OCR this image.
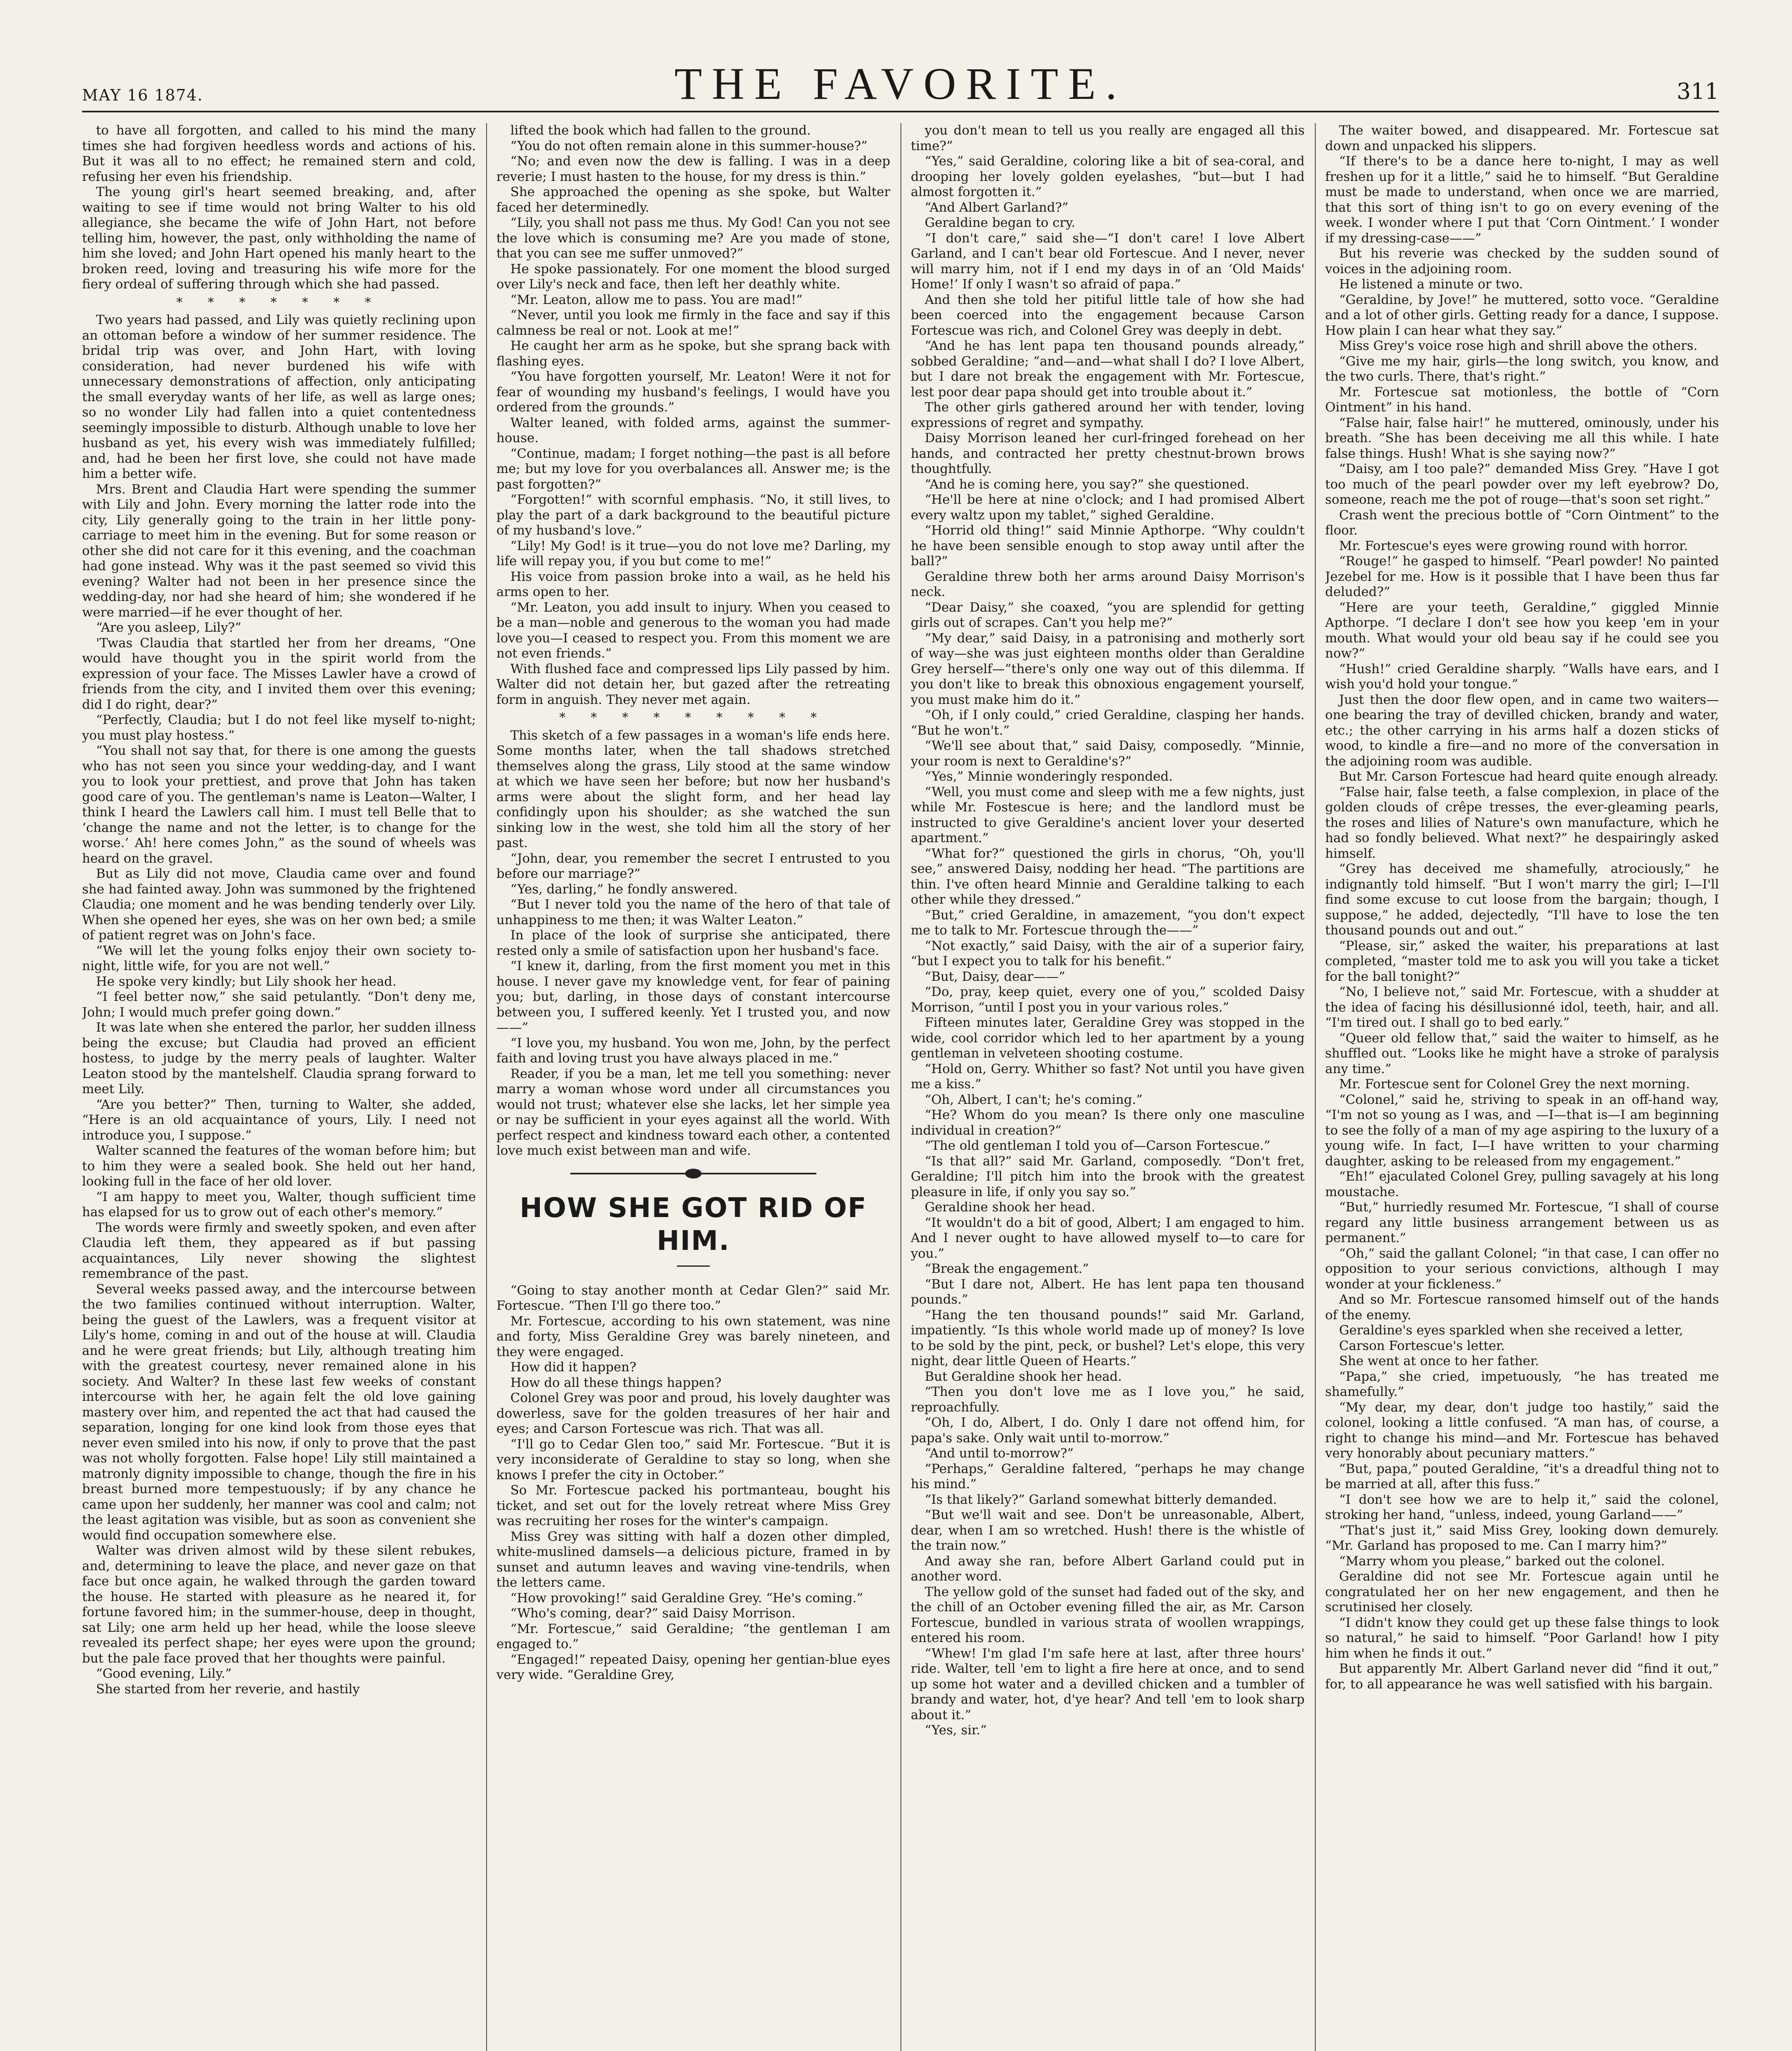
MAY 16 1874.	THE FAVORITE.	311

to have all forgotten, and called to his mind the many times she had forgiven heedless words and actions of his. But it was all to no effect; he remained stern and cold, refusing her even his friendship.

The young girl's heart seemed breaking, and, after waiting to see if time would not bring Walter to his old allegiance, she became the wife of John Hart, not before telling him, however, the past, only withholding the name of him she loved; and John Hart opened his manly heart to the broken reed, loving and treasuring his wife more for the fiery ordeal of suffering through which she had passed.

* * * * * * *

Two years had passed, and Lily was quietly reclining upon an ottoman before a window of her summer residence. The bridal trip was over, and John Hart, with loving consideration, had never burdened his wife with unnecessary demonstrations of affection, only anticipating the small everyday wants of her life, as well as large ones; so no wonder Lily had fallen into a quiet contentedness seemingly impossible to disturb. Although unable to love her husband as yet, his every wish was immediately fulfilled; and, had he been her first love, she could not have made him a better wife.

Mrs. Brent and Claudia Hart were spending the summer with Lily and John. Every morning the latter rode into the city, Lily generally going to the train in her little pony-carriage to meet him in the evening. But for some reason or other she did not care for it this evening, and the coachman had gone instead. Why was it the past seemed so vivid this evening? Walter had not been in her presence since the wedding-day, nor had she heard of him; she wondered if he were married—if he ever thought of her.

“Are you asleep, Lily?”

'Twas Claudia that startled her from her dreams, “One would have thought you in the spirit world from the expression of your face. The Misses Lawler have a crowd of friends from the city, and I invited them over this evening; did I do right, dear?”

“Perfectly, Claudia; but I do not feel like myself to-night; you must play hostess.”

“You shall not say that, for there is one among the guests who has not seen you since your wedding-day, and I want you to look your prettiest, and prove that John has taken good care of you. The gentleman's name is Leaton—Walter, I think I heard the Lawlers call him. I must tell Belle that to ‘change the name and not the letter, is to change for the worse.’ Ah! here comes John,” as the sound of wheels was heard on the gravel.

But as Lily did not move, Claudia came over and found she had fainted away. John was summoned by the frightened Claudia; one moment and he was bending tenderly over Lily. When she opened her eyes, she was on her own bed; a smile of patient regret was on John's face.

“We will let the young folks enjoy their own society to-night, little wife, for you are not well.”

He spoke very kindly; but Lily shook her head.

“I feel better now,” she said petulantly. “Don't deny me, John; I would much prefer going down.”

It was late when she entered the parlor, her sudden illness being the excuse; but Claudia had proved an efficient hostess, to judge by the merry peals of laughter. Walter Leaton stood by the mantelshelf. Claudia sprang forward to meet Lily.

“Are you better?” Then, turning to Walter, she added, “Here is an old acquaintance of yours, Lily. I need not introduce you, I suppose.”

Walter scanned the features of the woman before him; but to him they were a sealed book. She held out her hand, looking full in the face of her old lover.

“I am happy to meet you, Walter, though sufficient time has elapsed for us to grow out of each other's memory.”

The words were firmly and sweetly spoken, and even after Claudia left them, they appeared as if but passing acquaintances, Lily never showing the slightest remembrance of the past.

Several weeks passed away, and the intercourse between the two families continued without interruption. Walter, being the guest of the Lawlers, was a frequent visitor at Lily's home, coming in and out of the house at will. Claudia and he were great friends; but Lily, although treating him with the greatest courtesy, never remained alone in his society. And Walter? In these last few weeks of constant intercourse with her, he again felt the old love gaining mastery over him, and repented the act that had caused the separation, longing for one kind look from those eyes that never even smiled into his now, if only to prove that the past was not wholly forgotten. False hope! Lily still maintained a matronly dignity impossible to change, though the fire in his breast burned more tempestuously; if by any chance he came upon her suddenly, her manner was cool and calm; not the least agitation was visible, but as soon as convenient she would find occupation somewhere else.

Walter was driven almost wild by these silent rebukes, and, determining to leave the place, and never gaze on that face but once again, he walked through the garden toward the house. He started with pleasure as he neared it, for fortune favored him; in the summer-house, deep in thought, sat Lily; one arm held up her head, while the loose sleeve revealed its perfect shape; her eyes were upon the ground; but the pale face proved that her thoughts were painful.

“Good evening, Lily.”

She started from her reverie, and hastily

lifted the book which had fallen to the ground.

“You do not often remain alone in this summer-house?”

“No; and even now the dew is falling. I was in a deep reverie; I must hasten to the house, for my dress is thin.”

She approached the opening as she spoke, but Walter faced her determinedly.

“Lily, you shall not pass me thus. My God! Can you not see the love which is consuming me? Are you made of stone, that you can see me suffer unmoved?”

He spoke passionately. For one moment the blood surged over Lily's neck and face, then left her deathly white.

“Mr. Leaton, allow me to pass. You are mad!”

“Never, until you look me firmly in the face and say if this calmness be real or not. Look at me!”

He caught her arm as he spoke, but she sprang back with flashing eyes.

“You have forgotten yourself, Mr. Leaton! Were it not for fear of wounding my husband's feelings, I would have you ordered from the grounds.”

Walter leaned, with folded arms, against the summer-house.

“Continue, madam; I forget nothing—the past is all before me; but my love for you overbalances all. Answer me; is the past forgotten?”

“Forgotten!” with scornful emphasis. “No, it still lives, to play the part of a dark background to the beautiful picture of my husband's love.”

“Lily! My God! is it true—you do not love me? Darling, my life will repay you, if you but come to me!”

His voice from passion broke into a wail, as he held his arms open to her.

“Mr. Leaton, you add insult to injury. When you ceased to be a man—noble and generous to the woman you had made love you—I ceased to respect you. From this moment we are not even friends.”

With flushed face and compressed lips Lily passed by him. Walter did not detain her, but gazed after the retreating form in anguish. They never met again.

* * * * * * * * *

This sketch of a few passages in a woman's life ends here. Some months later, when the tall shadows stretched themselves along the grass, Lily stood at the same window at which we have seen her before; but now her husband's arms were about the slight form, and her head lay confidingly upon his shoulder; as she watched the sun sinking low in the west, she told him all the story of her past.

“John, dear, you remember the secret I entrusted to you before our marriage?”

“Yes, darling,” he fondly answered.

“But I never told you the name of the hero of that tale of unhappiness to me then; it was Walter Leaton.”

In place of the look of surprise she anticipated, there rested only a smile of satisfaction upon her husband's face.

“I knew it, darling, from the first moment you met in this house. I never gave my knowledge vent, for fear of paining you; but, darling, in those days of constant intercourse between you, I suffered keenly. Yet I trusted you, and now——”

“I love you, my husband. You won me, John, by the perfect faith and loving trust you have always placed in me.”

Reader, if you be a man, let me tell you something: never marry a woman whose word under all circumstances you would not trust; whatever else she lacks, let her simple yea or nay be sufficient in your eyes against all the world. With perfect respect and kindness toward each other, a contented love much exist between man and wife.

HOW SHE GOT RID OF HIM.

“Going to stay another month at Cedar Glen?” said Mr. Fortescue. “Then I'll go there too.”

Mr. Fortescue, according to his own statement, was nine and forty, Miss Geraldine Grey was barely nineteen, and they were engaged.

How did it happen?

How do all these things happen?

Colonel Grey was poor and proud, his lovely daughter was dowerless, save for the golden treasures of her hair and eyes; and Carson Fortescue was rich. That was all.

“I'll go to Cedar Glen too,” said Mr. Fortescue. “But it is very inconsiderate of Geraldine to stay so long, when she knows I prefer the city in October.”

So Mr. Fortescue packed his portmanteau, bought his ticket, and set out for the lovely retreat where Miss Grey was recruiting her roses for the winter's campaign.

Miss Grey was sitting with half a dozen other dimpled, white-muslined damsels—a delicious picture, framed in by sunset and autumn leaves and waving vine-tendrils, when the letters came.

“How provoking!” said Geraldine Grey. “He's coming.”

“Who's coming, dear?” said Daisy Morrison.

“Mr. Fortescue,” said Geraldine; “the gentleman I am engaged to.”

“Engaged!” repeated Daisy, opening her gentian-blue eyes very wide. “Geraldine Grey,

you don't mean to tell us you really are engaged all this time?”

“Yes,” said Geraldine, coloring like a bit of sea-coral, and drooping her lovely golden eyelashes, “but—but I had almost forgotten it.”

“And Albert Garland?”

Geraldine began to cry.

“I don't care,” said she—“I don't care! I love Albert Garland, and I can't bear old Fortescue. And I never, never will marry him, not if I end my days in of an ‘Old Maids' Home!’ If only I wasn't so afraid of papa.”

And then she told her pitiful little tale of how she had been coerced into the engagement because Carson Fortescue was rich, and Colonel Grey was deeply in debt.

“And he has lent papa ten thousand pounds already,” sobbed Geraldine; “and—and—what shall I do? I love Albert, but I dare not break the engagement with Mr. Fortescue, lest poor dear papa should get into trouble about it.”

The other girls gathered around her with tender, loving expressions of regret and sympathy.

Daisy Morrison leaned her curl-fringed forehead on her hands, and contracted her pretty chestnut-brown brows thoughtfully.

“And he is coming here, you say?” she questioned.

“He'll be here at nine o'clock; and I had promised Albert every waltz upon my tablet,” sighed Geraldine.

“Horrid old thing!” said Minnie Apthorpe. “Why couldn't he have been sensible enough to stop away until after the ball?”

Geraldine threw both her arms around Daisy Morrison's neck.

“Dear Daisy,” she coaxed, “you are splendid for getting girls out of scrapes. Can't you help me?”

“My dear,” said Daisy, in a patronising and motherly sort of way—she was just eighteen months older than Geraldine Grey herself—“there's only one way out of this dilemma. If you don't like to break this obnoxious engagement yourself, you must make him do it.”

“Oh, if I only could,” cried Geraldine, clasping her hands. “But he won't.”

“We'll see about that,” said Daisy, composedly. “Minnie, your room is next to Geraldine's?”

“Yes,” Minnie wonderingly responded.

“Well, you must come and sleep with me a few nights, just while Mr. Fostescue is here; and the landlord must be instructed to give Geraldine's ancient lover your deserted apartment.”

“What for?” questioned the girls in chorus, “Oh, you'll see,” answered Daisy, nodding her head. “The partitions are thin. I've often heard Minnie and Geraldine talking to each other while they dressed.”

“But,” cried Geraldine, in amazement, “you don't expect me to talk to Mr. Fortescue through the——”

“Not exactly,” said Daisy, with the air of a superior fairy, “but I expect you to talk for his benefit.”

“But, Daisy, dear——”

“Do, pray, keep quiet, every one of you,” scolded Daisy Morrison, “until I post you in your various roles.”

Fifteen minutes later, Geraldine Grey was stopped in the wide, cool corridor which led to her apartment by a young gentleman in velveteen shooting costume.

“Hold on, Gerry. Whither so fast? Not until you have given me a kiss.”

“Oh, Albert, I can't; he's coming.”

“He? Whom do you mean? Is there only one masculine individual in creation?”

“The old gentleman I told you of—Carson Fortescue.”

“Is that all?” said Mr. Garland, composedly. “Don't fret, Geraldine; I'll pitch him into the brook with the greatest pleasure in life, if only you say so.”

Geraldine shook her head.

“It wouldn't do a bit of good, Albert; I am engaged to him. And I never ought to have allowed myself to—to care for you.”

“Break the engagement.”

“But I dare not, Albert. He has lent papa ten thousand pounds.”

“Hang the ten thousand pounds!” said Mr. Garland, impatiently. “Is this whole world made up of money? Is love to be sold by the pint, peck, or bushel? Let's elope, this very night, dear little Queen of Hearts.”

But Geraldine shook her head.

“Then you don't love me as I love you,” he said, reproachfully.

“Oh, I do, Albert, I do. Only I dare not offend him, for papa's sake. Only wait until to-morrow.”

“And until to-morrow?”

“Perhaps,” Geraldine faltered, “perhaps he may change his mind.”

“Is that likely?” Garland somewhat bitterly demanded.

“But we'll wait and see. Don't be unreasonable, Albert, dear, when I am so wretched. Hush! there is the whistle of the train now.”

And away she ran, before Albert Garland could put in another word.

The yellow gold of the sunset had faded out of the sky, and the chill of an October evening filled the air, as Mr. Carson Fortescue, bundled in various strata of woollen wrappings, entered his room.

“Whew! I'm glad I'm safe here at last, after three hours' ride. Walter, tell 'em to light a fire here at once, and to send up some hot water and a devilled chicken and a tumbler of brandy and water, hot, d'ye hear? And tell 'em to look sharp about it.”

“Yes, sir.”

The waiter bowed, and disappeared. Mr. Fortescue sat down and unpacked his slippers.

“If there's to be a dance here to-night, I may as well freshen up for it a little,” said he to himself. “But Geraldine must be made to understand, when once we are married, that this sort of thing isn't to go on every evening of the week. I wonder where I put that ‘Corn Ointment.’ I wonder if my dressing-case——”

But his reverie was checked by the sudden sound of voices in the adjoining room.

He listened a minute or two.

“Geraldine, by Jove!” he muttered, sotto voce. “Geraldine and a lot of other girls. Getting ready for a dance, I suppose. How plain I can hear what they say.”

Miss Grey's voice rose high and shrill above the others.

“Give me my hair, girls—the long switch, you know, and the two curls. There, that's right.”

Mr. Fortescue sat motionless, the bottle of “Corn Ointment” in his hand.

“False hair, false hair!” he muttered, ominously, under his breath. “She has been deceiving me all this while. I hate false things. Hush! What is she saying now?”

“Daisy, am I too pale?” demanded Miss Grey. “Have I got too much of the pearl powder over my left eyebrow? Do, someone, reach me the pot of rouge—that's soon set right.”

Crash went the precious bottle of “Corn Ointment” to the floor.

Mr. Fortescue's eyes were growing round with horror.

“Rouge!” he gasped to himself. “Pearl powder! No painted Jezebel for me. How is it possible that I have been thus far deluded?”

“Here are your teeth, Geraldine,” giggled Minnie Apthorpe. “I declare I don't see how you keep 'em in your mouth. What would your old beau say if he could see you now?”

“Hush!” cried Geraldine sharply. “Walls have ears, and I wish you'd hold your tongue.”

Just then the door flew open, and in came two waiters—one bearing the tray of devilled chicken, brandy and water, etc.; the other carrying in his arms half a dozen sticks of wood, to kindle a fire—and no more of the conversation in the adjoining room was audible.

But Mr. Carson Fortescue had heard quite enough already.

“False hair, false teeth, a false complexion, in place of the golden clouds of crêpe tresses, the ever-gleaming pearls, the roses and lilies of Nature's own manufacture, which he had so fondly believed. What next?” he despairingly asked himself.

“Grey has deceived me shamefully, atrociously,” he indignantly told himself. “But I won't marry the girl; I—I'll find some excuse to cut loose from the bargain; though, I suppose,” he added, dejectedly, “I'll have to lose the ten thousand pounds out and out.”

“Please, sir,” asked the waiter, his preparations at last completed, “master told me to ask you will you take a ticket for the ball tonight?”

“No, I believe not,” said Mr. Fortescue, with a shudder at the idea of facing his désillusionné idol, teeth, hair, and all. “I'm tired out. I shall go to bed early.”

“Queer old fellow that,” said the waiter to himself, as he shuffled out. “Looks like he might have a stroke of paralysis any time.”

Mr. Fortescue sent for Colonel Grey the next morning.

“Colonel,” said he, striving to speak in an off-hand way, “I'm not so young as I was, and —I—that is—I am beginning to see the folly of a man of my age aspiring to the luxury of a young wife. In fact, I—I have written to your charming daughter, asking to be released from my engagement.”

“Eh!” ejaculated Colonel Grey, pulling savagely at his long moustache.

“But,” hurriedly resumed Mr. Fortescue, “I shall of course regard any little business arrangement between us as permanent.”

“Oh,” said the gallant Colonel; “in that case, I can offer no opposition to your serious convictions, although I may wonder at your fickleness.”

And so Mr. Fortescue ransomed himself out of the hands of the enemy.

Geraldine's eyes sparkled when she received a letter,

Carson Fortescue's letter.

She went at once to her father.

“Papa,” she cried, impetuously, “he has treated me shamefully.”

“My dear, my dear, don't judge too hastily,” said the colonel, looking a little confused. “A man has, of course, a right to change his mind—and Mr. Fortescue has behaved very honorably about pecuniary matters.”

“But, papa,” pouted Geraldine, “it's a dreadful thing not to be married at all, after this fuss.”

“I don't see how we are to help it,” said the colonel, stroking her hand, “unless, indeed, young Garland——”

“That's just it,” said Miss Grey, looking down demurely. “Mr. Garland has proposed to me. Can I marry him?”

“Marry whom you please,” barked out the colonel.

Geraldine did not see Mr. Fortescue again until he congratulated her on her new engagement, and then he scrutinised her closely.

“I didn't know they could get up these false things to look so natural,” he said to himself. “Poor Garland! how I pity him when he finds it out.”

But apparently Mr. Albert Garland never did “find it out,” for, to all appearance he was well satisfied with his bargain.
